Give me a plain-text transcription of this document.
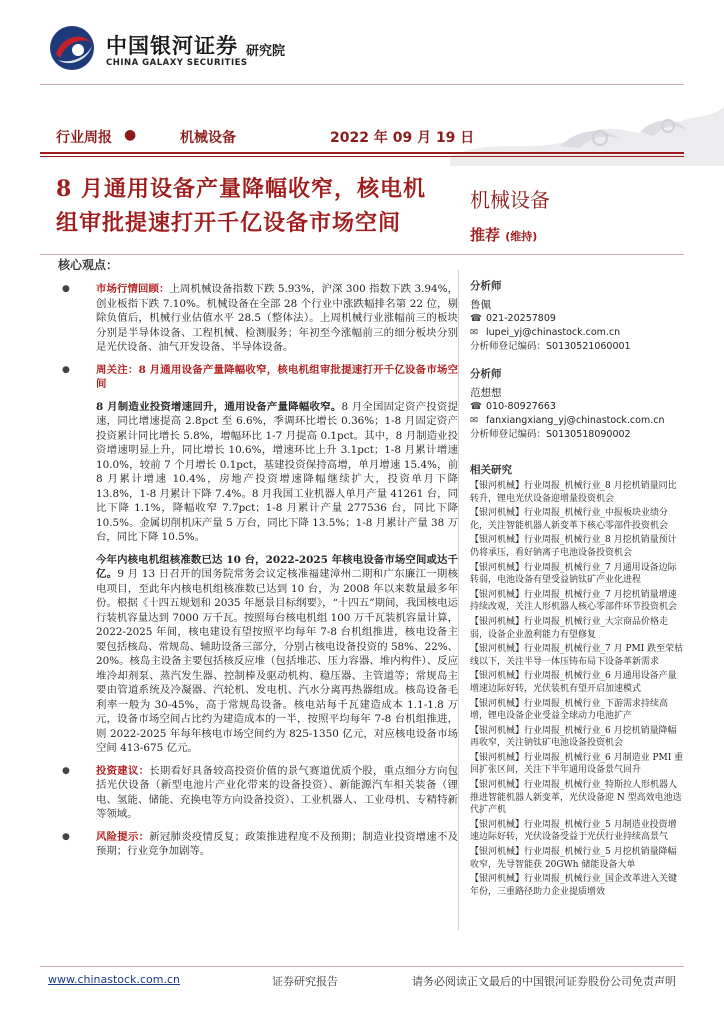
中国银河证券 研究院
CHINA GALAXY SECURITIES
行业周报 ●	机械设备	2022 年 09 月 19 日
8 月通用设备产量降幅收窄，核电机
组审批提速打开千亿设备市场空间
机械设备
推荐 (维持)
核心观点：
● 市场行情回顾：上周机械设备指数下跌 5.93%，沪深 300 指数下跌 3.94%，创业板指下跌 7.10%。机械设备在全部 28 个行业中涨跌幅排名第 22 位，剔除负值后，机械行业估值水平 28.5（整体法）。上周机械行业涨幅前三的板块分别是半导体设备、工程机械、检测服务；年初至今涨幅前三的细分板块分别是光伏设备、油气开发设备、半导体设备。
● 周关注：8 月通用设备产量降幅收窄，核电机组审批提速打开千亿设备市场空间
8 月制造业投资增速回升，通用设备产量降幅收窄。8 月全国固定资产投资提速，同比增速提高 2.8pct 至 6.6%，季调环比增长 0.36%；1-8 月固定资产投资累计同比增长 5.8%，增幅环比 1-7 月提高 0.1pct。其中，8 月制造业投资增速明显上升，同比增长 10.6%，增速环比上升 3.1pct；1-8 月累计增速 10.0%，较前 7 个月增长 0.1pct，基建投资保持高增，单月增速 15.4%，前 8 月累计增速 10.4%，房地产投资增速降幅继续扩大，投资单月下降 13.8%，1-8 月累计下降 7.4%。8 月我国工业机器人单月产量 41261 台，同比下降 1.1%，降幅收窄 7.7pct；1-8 月累计产量 277536 台，同比下降 10.5%。金属切削机床产量 5 万台，同比下降 13.5%；1-8 月累计产量 38 万台，同比下降 10.5%。
今年内核电机组核准数已达 10 台，2022-2025 年核电设备市场空间或达千亿。9 月 13 日召开的国务院常务会议定核准福建漳州二期和广东廉江一期核电项目，至此年内核电机组核准数已达到 10 台，为 2008 年以来数量最多年份。根据《十四五规划和 2035 年愿景目标纲要》，“十四五”期间，我国核电运行装机容量达到 7000 万千瓦。按照每台核电机组 100 万千瓦装机容量计算，2022-2025 年间，核电建设有望按照平均每年 7-8 台机组推进，核电设备主要包括核岛、常规岛、辅助设备三部分，分别占核电设备投资的 58%、22%、20%。核岛主设备主要包括核反应堆（包括堆芯、压力容器、堆内构件）、反应堆冷却剂泵、蒸汽发生器、控制棒及驱动机构、稳压器、主管道等；常规岛主要由管道系统及冷凝器、汽轮机、发电机、汽水分离再热器组成。核岛设备毛利率一般为 30-45%，高于常规岛设备。核电站每千瓦建造成本 1.1-1.8 万元，设备市场空间占比约为建造成本的一半，按照平均每年 7-8 台机组推进，则 2022-2025 年每年核电市场空间约为 825-1350 亿元，对应核电设备市场空间 413-675 亿元。
● 投资建议：长期看好具备较高投资价值的景气赛道优质个股，重点细分方向包括光伏设备（新型电池片产业化带来的设备投资）、新能源汽车相关装备（锂电、氢能、储能、充换电等方向设备投资）、工业机器人、工业母机、专精特新等领域。
● 风险提示：新冠肺炎疫情反复；政策推进程度不及预期；制造业投资增速不及预期；行业竞争加剧等。
分析师
鲁佩
☎ 021-20257809
✉ lupei_yj@chinastock.com.cn
分析师登记编码：S0130521060001
分析师
范想想
☎ 010-80927663
✉ fanxiangxiang_yj@chinastock.com.cn
分析师登记编码：S0130518090002
相关研究
【银河机械】行业周报_机械行业_8 月挖机销量同比转升，锂电光伏设备迎增量投资机会
【银河机械】行业周报_机械行业_中报板块业绩分化，关注智能机器人新变革下核心零部件投资机会
【银河机械】行业周报_机械行业_8 月挖机销量预计仍将承压，看好钠离子电池设备投资机会
【银河机械】行业周报_机械行业_7 月通用设备边际转弱，电池设备有望受益钠钛矿产业化进程
【银河机械】行业周报_机械行业_7 月挖机销量增速持续改观，关注人形机器人核心零部件环节投资机会
【银河机械】行业周报_机械行业_大宗商品价格走弱，设备企业盈利能力有望修复
【银河机械】行业周报_机械行业_7 月 PMI 跌至荣枯线以下，关注半导一体压铸布局下设备革新需求
【银河机械】行业周报_机械行业_6 月通用设备产量增速边际好转，光伏装机有望开启加速模式
【银河机械】行业周报_机械行业_下游需求持续高增，锂电设备企业受益全球动力电池扩产
【银河机械】行业周报_机械行业_6 月挖机销量降幅再收窄，关注钠钛矿电池设备投资机会
【银河机械】行业周报_机械行业_6 月制造业 PMI 重回扩张区间，关注下半年通用设备景气回升
【银河机械】行业周报_机械行业_特斯拉人形机器人推进智能机器人新变革，光伏设备迎 N 型高效电池迭代扩产机
【银河机械】行业周报_机械行业_5 月制造业投资增速边际好转，光伏设备受益于光伏行业持续高景气
【银河机械】行业周报_机械行业_5 月挖机销量降幅收窄，先导智能获 20GWh 储能设备大单
【银河机械】行业周报_机械行业_国企改革进入关键年份，三重路径助力企业提质增效
www.chinastock.com.cn	证券研究报告	请务必阅读正文最后的中国银河证券股份公司免责声明
